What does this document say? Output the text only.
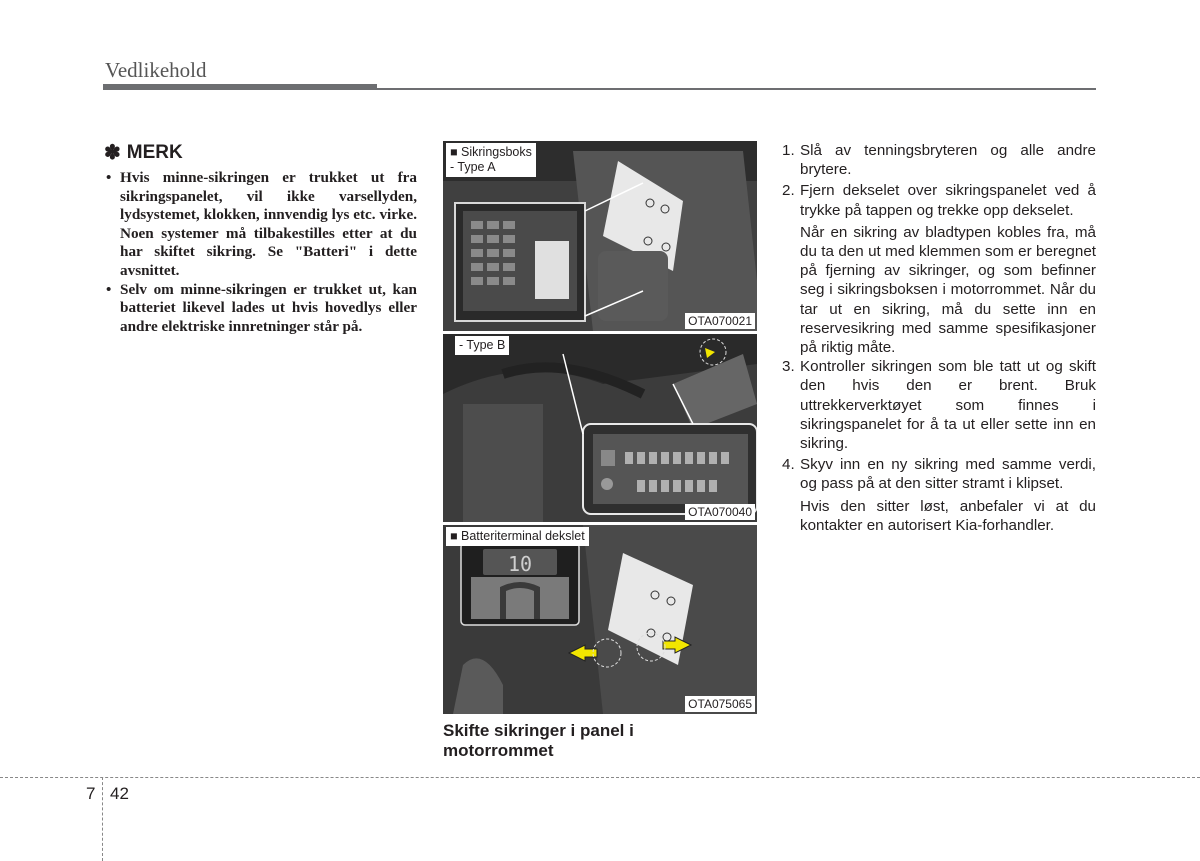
Vedlikehold
✽ MERK
• Hvis minne-sikringen er trukket ut fra sikringspanelet, vil ikke varsellyden, lydsystemet, klokken, innvendig lys etc. virke. Noen systemer må tilbakestilles etter at du har skiftet sikring. Se "Batteri" i dette avsnittet.
• Selv om minne-sikringen er trukket ut, kan batteriet likevel lades ut hvis hovedlys eller andre elektriske innretninger står på.
■ Sikringsboks
- Type A
OTA070021
- Type B
OTA070040
10
■ Batteriterminal dekslet
OTA075065
Skifte sikringer i panel i motorrommet
1. Slå av tenningsbryteren og alle andre brytere.
2. Fjern dekselet over sikringspanelet ved å trykke på tappen og trekke opp dekselet.
Når en sikring av bladtypen kobles fra, må du ta den ut med klemmen som er beregnet på fjerning av sikringer, og som befinner seg i sikringsboksen i motorrommet. Når du tar ut en sikring, må du sette inn en reservesikring med samme spesifikasjoner på riktig måte.
3. Kontroller sikringen som ble tatt ut og skift den hvis den er brent. Bruk uttrekkerverktøyet som finnes i sikringspanelet for å ta ut eller sette inn en sikring.
4. Skyv inn en ny sikring med samme verdi, og pass på at den sitter stramt i klipset.
Hvis den sitter løst, anbefaler vi at du kontakter en autorisert Kia-forhandler.
7 42
